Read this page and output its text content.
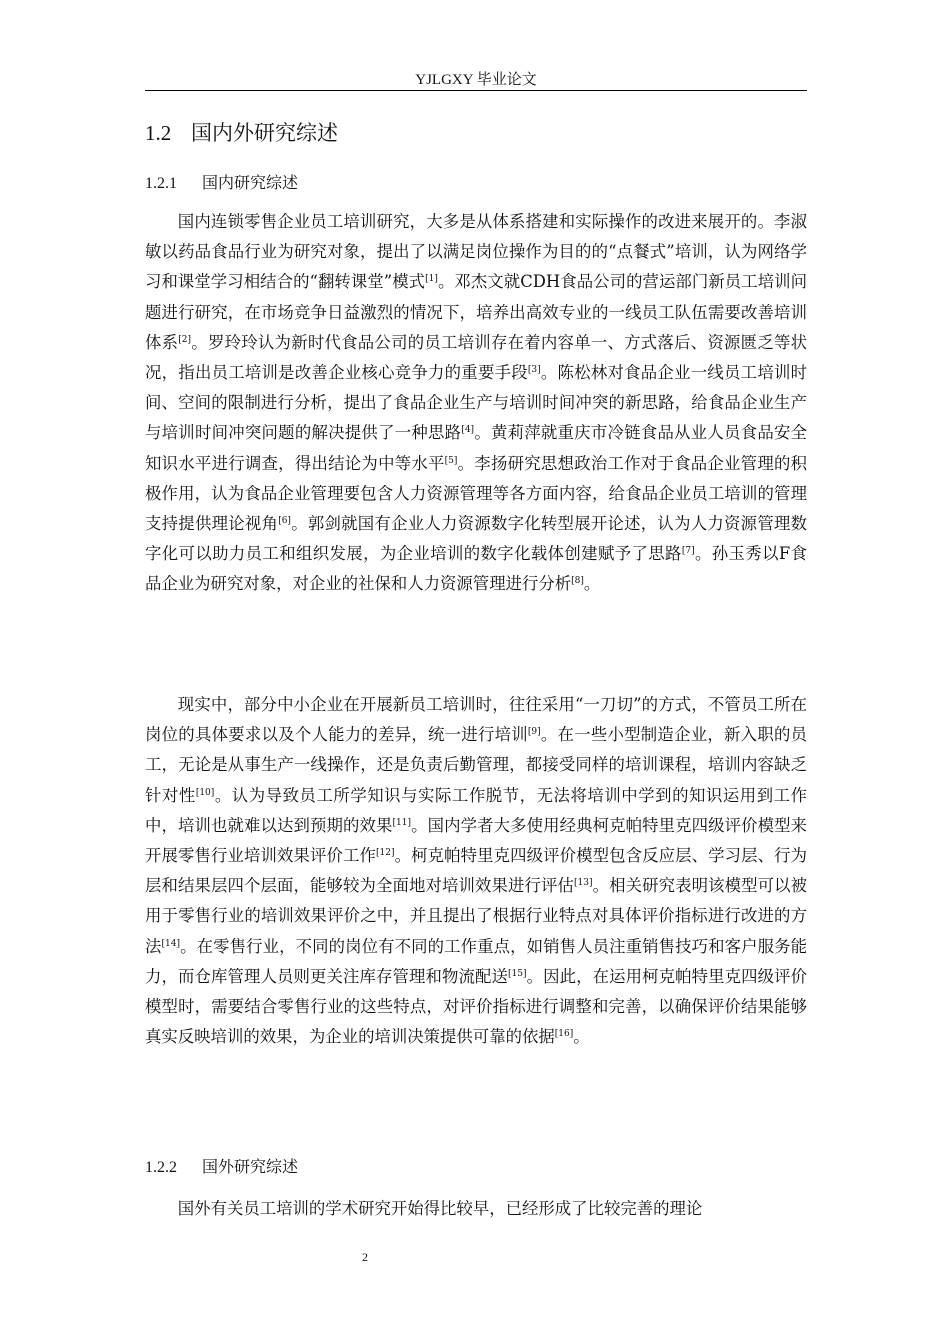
YJLGXY 毕业论文
1.2 国内外研究综述
1.2.1 国内研究综述

国内连锁零售企业员工培训研究，大多是从体系搭建和实际操作的改进来展开的。李淑敏以药品食品行业为研究对象，提出了以满足岗位操作为目的的“点餐式”培训，认为网络学习和课堂学习相结合的“翻转课堂”模式[1]。邓杰文就CDH食品公司的营运部门新员工培训问题进行研究，在市场竞争日益激烈的情况下，培养出高效专业的一线员工队伍需要改善培训体系[2]。罗玲玲认为新时代食品公司的员工培训存在着内容单一、方式落后、资源匮乏等状况，指出员工培训是改善企业核心竞争力的重要手段[3]。陈松林对食品企业一线员工培训时间、空间的限制进行分析，提出了食品企业生产与培训时间冲突的新思路，给食品企业生产与培训时间冲突问题的解决提供了一种思路[4]。黄莉萍就重庆市冷链食品从业人员食品安全知识水平进行调查，得出结论为中等水平[5]。李扬研究思想政治工作对于食品企业管理的积极作用，认为食品企业管理要包含人力资源管理等各方面内容，给食品企业员工培训的管理支持提供理论视角[6]。郭剑就国有企业人力资源数字化转型展开论述，认为人力资源管理数字化可以助力员工和组织发展，为企业培训的数字化载体创建赋予了思路[7]。孙玉秀以F食品企业为研究对象，对企业的社保和人力资源管理进行分析[8]。

现实中，部分中小企业在开展新员工培训时，往往采用“一刀切”的方式，不管员工所在岗位的具体要求以及个人能力的差异，统一进行培训[9]。在一些小型制造企业，新入职的员工，无论是从事生产一线操作，还是负责后勤管理，都接受同样的培训课程，培训内容缺乏针对性[10]。认为导致员工所学知识与实际工作脱节，无法将培训中学到的知识运用到工作中，培训也就难以达到预期的效果[11]。国内学者大多使用经典柯克帕特里克四级评价模型来开展零售行业培训效果评价工作[12]。柯克帕特里克四级评价模型包含反应层、学习层、行为层和结果层四个层面，能够较为全面地对培训效果进行评估[13]。相关研究表明该模型可以被用于零售行业的培训效果评价之中，并且提出了根据行业特点对具体评价指标进行改进的方法[14]。在零售行业，不同的岗位有不同的工作重点，如销售人员注重销售技巧和客户服务能力，而仓库管理人员则更关注库存管理和物流配送[15]。因此，在运用柯克帕特里克四级评价模型时，需要结合零售行业的这些特点，对评价指标进行调整和完善，以确保评价结果能够真实反映培训的效果，为企业的培训决策提供可靠的依据[16]。

1.2.2 国外研究综述

国外有关员工培训的学术研究开始得比较早，已经形成了比较完善的理论

2
